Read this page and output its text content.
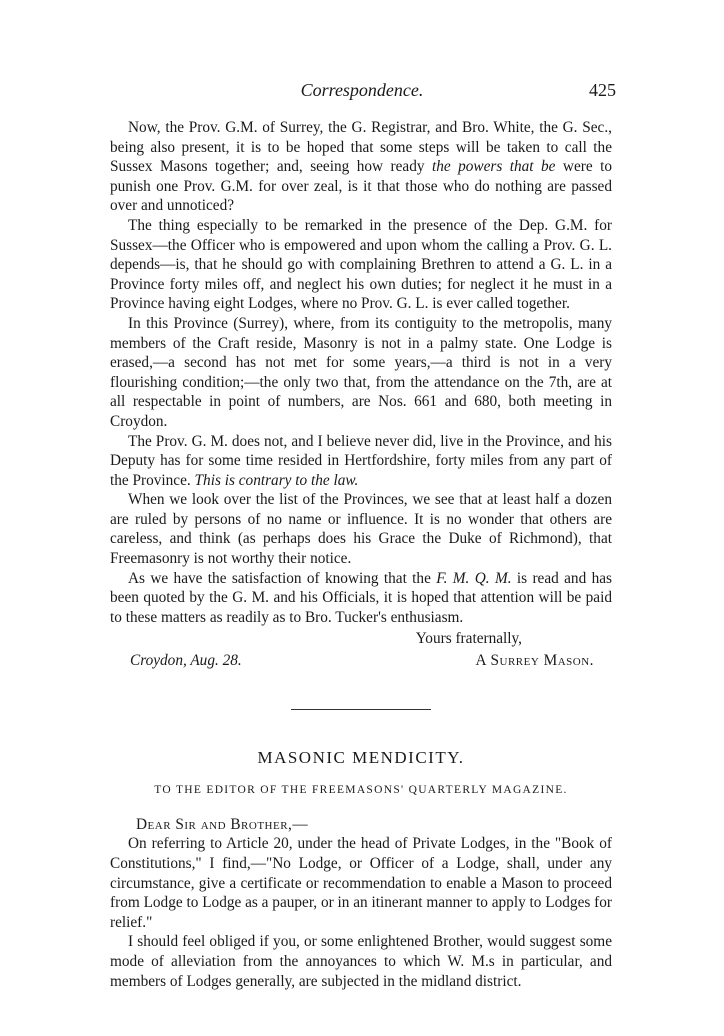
Correspondence.	425

Now, the Prov. G.M. of Surrey, the G. Registrar, and Bro. White, the G. Sec., being also present, it is to be hoped that some steps will be taken to call the Sussex Masons together; and, seeing how ready the powers that be were to punish one Prov. G.M. for over zeal, is it that those who do nothing are passed over and unnoticed?

The thing especially to be remarked in the presence of the Dep. G.M. for Sussex—the Officer who is empowered and upon whom the calling a Prov. G. L. depends—is, that he should go with complaining Brethren to attend a G. L. in a Province forty miles off, and neglect his own duties; for neglect it he must in a Province having eight Lodges, where no Prov. G. L. is ever called together.

In this Province (Surrey), where, from its contiguity to the metropolis, many members of the Craft reside, Masonry is not in a palmy state. One Lodge is erased,—a second has not met for some years,—a third is not in a very flourishing condition;—the only two that, from the attendance on the 7th, are at all respectable in point of numbers, are Nos. 661 and 680, both meeting in Croydon.

The Prov. G. M. does not, and I believe never did, live in the Province, and his Deputy has for some time resided in Hertfordshire, forty miles from any part of the Province. This is contrary to the law.

When we look over the list of the Provinces, we see that at least half a dozen are ruled by persons of no name or influence. It is no wonder that others are careless, and think (as perhaps does his Grace the Duke of Richmond), that Freemasonry is not worthy their notice.

As we have the satisfaction of knowing that the F. M. Q. M. is read and has been quoted by the G. M. and his Officials, it is hoped that attention will be paid to these matters as readily as to Bro. Tucker's enthusiasm.

Yours fraternally,

Croydon, Aug. 28.	A Surrey Mason.
MASONIC MENDICITY.
TO THE EDITOR OF THE FREEMASONS' QUARTERLY MAGAZINE.
Dear Sir and Brother,—

On referring to Article 20, under the head of Private Lodges, in the "Book of Constitutions," I find,—"No Lodge, or Officer of a Lodge, shall, under any circumstance, give a certificate or recommendation to enable a Mason to proceed from Lodge to Lodge as a pauper, or in an itinerant manner to apply to Lodges for relief."

I should feel obliged if you, or some enlightened Brother, would suggest some mode of alleviation from the annoyances to which W. M.s in particular, and members of Lodges generally, are subjected in the midland district.
